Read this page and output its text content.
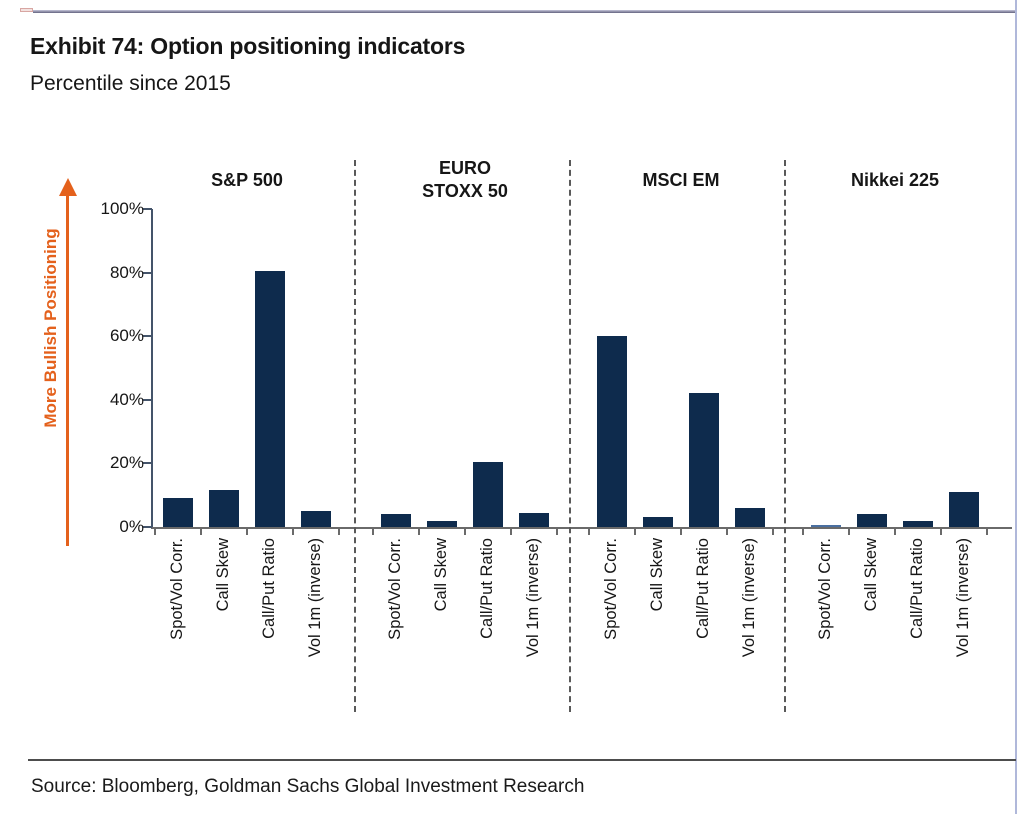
Exhibit 74: Option positioning indicators
Percentile since 2015
More Bullish Positioning
0%
20%
40%
60%
80%
100%
S&P 500
Spot/Vol Corr. Call Skew Call/Put Ratio Vol 1m (inverse)
EURO
STOXX 50
Spot/Vol Corr. Call Skew Call/Put Ratio Vol 1m (inverse)
MSCI EM
Spot/Vol Corr. Call Skew Call/Put Ratio Vol 1m (inverse)
Nikkei 225
Spot/Vol Corr. Call Skew Call/Put Ratio Vol 1m (inverse)
Source: Bloomberg, Goldman Sachs Global Investment Research
